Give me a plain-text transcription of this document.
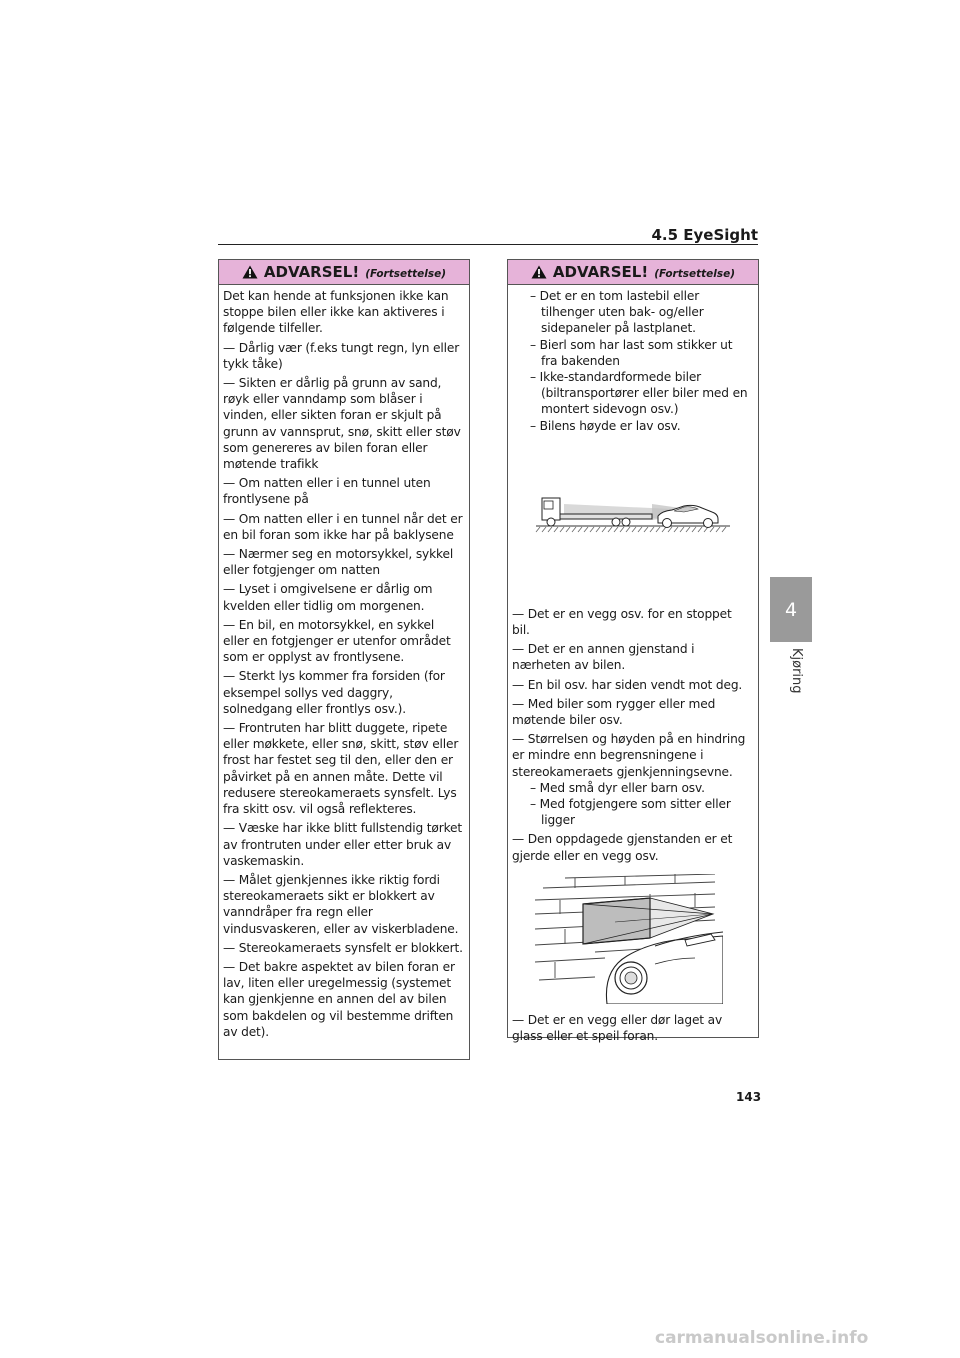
4.5 EyeSight
4
Kjøring
ADVARSEL! (Fortsettelse)

Det kan hende at funksjonen ikke kan stoppe bilen eller ikke kan aktiveres i følgende tilfeller.

— Dårlig vær (f.eks tungt regn, lyn eller tykk tåke)

— Sikten er dårlig på grunn av sand, røyk eller vanndamp som blåser i vinden, eller sikten foran er skjult på grunn av vannsprut, snø, skitt eller støv som genereres av bilen foran eller møtende trafikk

— Om natten eller i en tunnel uten frontlysene på

— Om natten eller i en tunnel når det er en bil foran som ikke har på baklysene

— Nærmer seg en motorsykkel, sykkel eller fotgjenger om natten

— Lyset i omgivelsene er dårlig om kvelden eller tidlig om morgenen.

— En bil, en motorsykkel, en sykkel eller en fotgjenger er utenfor området som er opplyst av frontlysene.

— Sterkt lys kommer fra forsiden (for eksempel sollys ved daggry, solnedgang eller frontlys osv.).

— Frontruten har blitt duggete, ripete eller møkkete, eller snø, skitt, støv eller frost har festet seg til den, eller den er påvirket på en annen måte. Dette vil redusere stereokameraets synsfelt. Lys fra skitt osv. vil også reflekteres.

— Væske har ikke blitt fullstendig tørket av frontruten under eller etter bruk av vaskemaskin.

— Målet gjenkjennes ikke riktig fordi stereokameraets sikt er blokkert av vanndråper fra regn eller vindusvaskeren, eller av viskerbladene.

— Stereokameraets synsfelt er blokkert.

— Det bakre aspektet av bilen foran er lav, liten eller uregelmessig (systemet kan gjenkjenne en annen del av bilen som bakdelen og vil bestemme driften av det).

ADVARSEL! (Fortsettelse)

– Det er en tom lastebil eller tilhenger uten bak- og/eller sidepaneler på lastplanet.

– Bierl som har last som stikker ut fra bakenden

– Ikke-standardformede biler (biltransportører eller biler med en montert sidevogn osv.)

– Bilens høyde er lav osv.

— Det er en vegg osv. for en stoppet bil.

— Det er en annen gjenstand i nærheten av bilen.

— En bil osv. har siden vendt mot deg.

— Med biler som rygger eller med møtende biler osv.

— Størrelsen og høyden på en hindring er mindre enn begrensningene i stereokameraets gjenkjenningsevne.

– Med små dyr eller barn osv.

– Med fotgjengere som sitter eller ligger

— Den oppdagede gjenstanden er et gjerde eller en vegg osv.

— Det er en vegg eller dør laget av glass eller et speil foran.

143
carmanualsonline.info
